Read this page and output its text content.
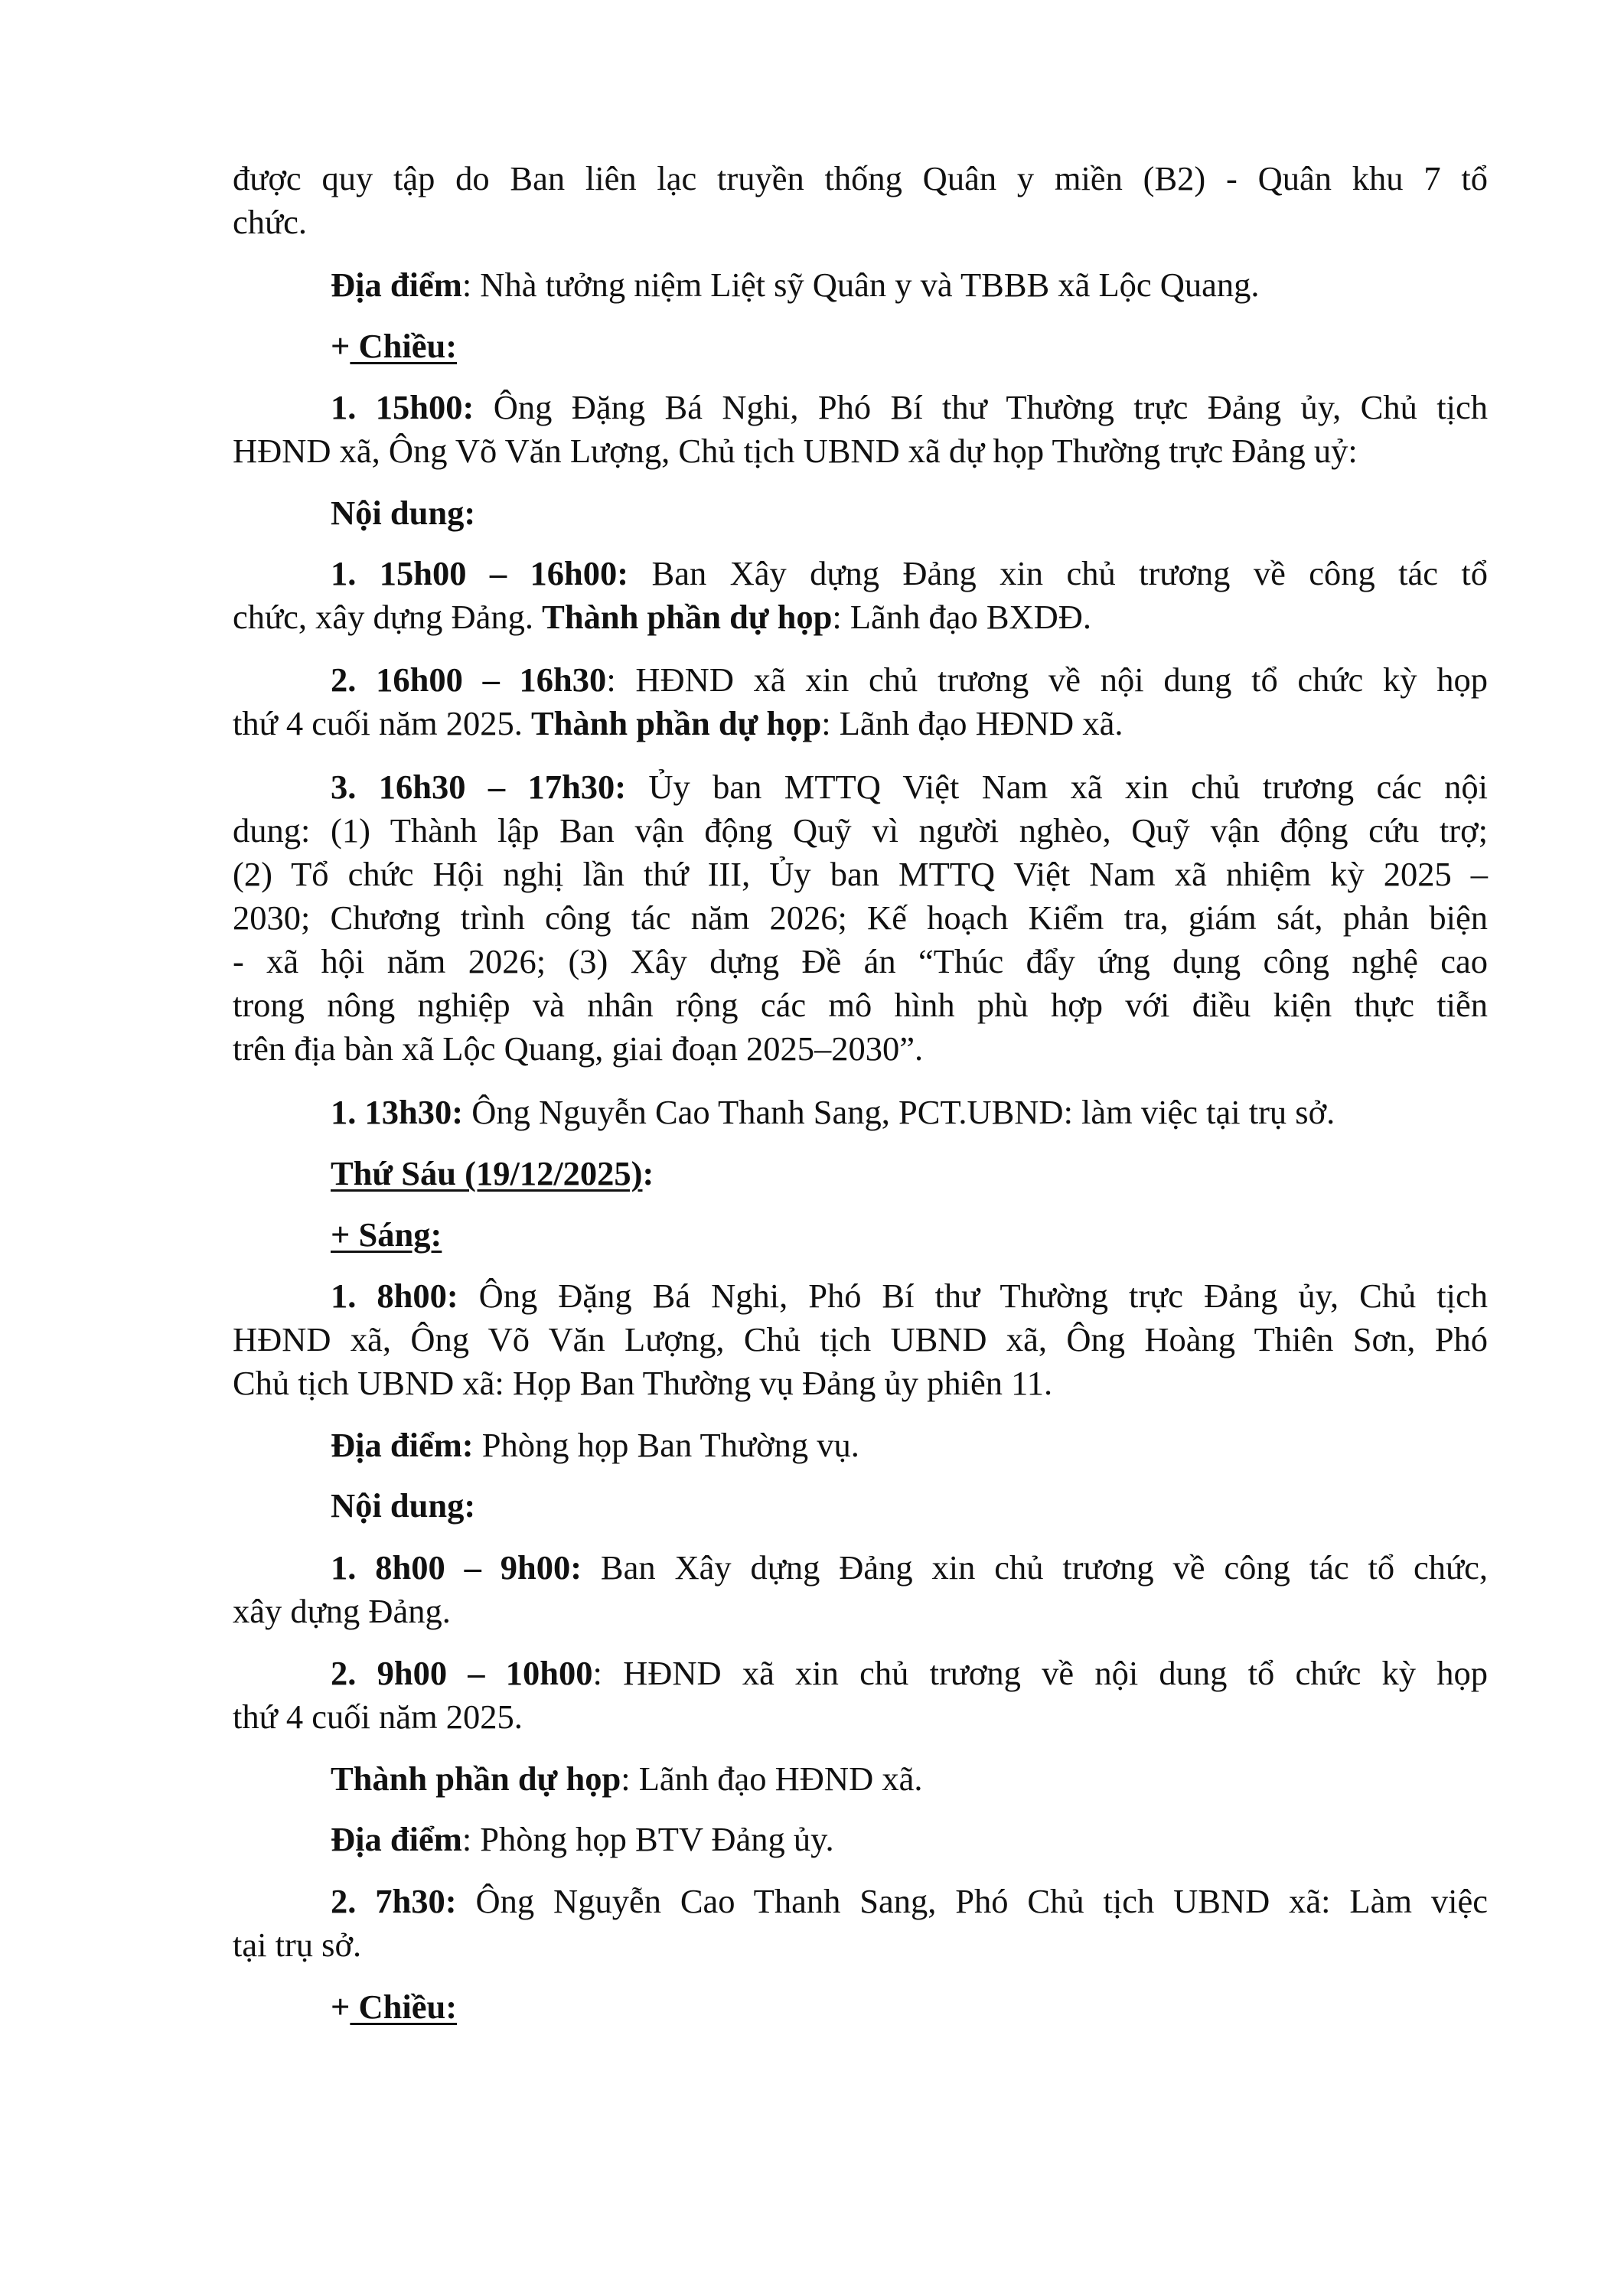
được quy tập do Ban liên lạc truyền thống Quân y miền (B2) - Quân khu 7 tổ
chức.
Địa điểm: Nhà tưởng niệm Liệt sỹ Quân y và TBBB xã Lộc Quang.
+ Chiều:
1. 15h00: Ông Đặng Bá Nghi, Phó Bí thư Thường trực Đảng ủy, Chủ tịch
HĐND xã, Ông Võ Văn Lượng, Chủ tịch UBND xã dự họp Thường trực Đảng uỷ:
Nội dung:
1. 15h00 – 16h00: Ban Xây dựng Đảng xin chủ trương về công tác tổ
chức, xây dựng Đảng. Thành phần dự họp: Lãnh đạo BXDĐ.
2. 16h00 – 16h30: HĐND xã xin chủ trương về nội dung tổ chức kỳ họp
thứ 4 cuối năm 2025. Thành phần dự họp: Lãnh đạo HĐND xã.
3. 16h30 – 17h30: Ủy ban MTTQ Việt Nam xã xin chủ trương các nội
dung: (1) Thành lập Ban vận động Quỹ vì người nghèo, Quỹ vận động cứu trợ;
(2) Tổ chức Hội nghị lần thứ III, Ủy ban MTTQ Việt Nam xã nhiệm kỳ 2025 –
2030; Chương trình công tác năm 2026; Kế hoạch Kiểm tra, giám sát, phản biện
- xã hội năm 2026; (3) Xây dựng Đề án “Thúc đẩy ứng dụng công nghệ cao
trong nông nghiệp và nhân rộng các mô hình phù hợp với điều kiện thực tiễn
trên địa bàn xã Lộc Quang, giai đoạn 2025–2030”.
1. 13h30: Ông Nguyễn Cao Thanh Sang, PCT.UBND: làm việc tại trụ sở.
Thứ Sáu (19/12/2025):
+ Sáng:
1. 8h00: Ông Đặng Bá Nghi, Phó Bí thư Thường trực Đảng ủy, Chủ tịch
HĐND xã, Ông Võ Văn Lượng, Chủ tịch UBND xã, Ông Hoàng Thiên Sơn, Phó
Chủ tịch UBND xã: Họp Ban Thường vụ Đảng ủy phiên 11.
Địa điểm: Phòng họp Ban Thường vụ.
Nội dung:
1. 8h00 – 9h00: Ban Xây dựng Đảng xin chủ trương về công tác tổ chức,
xây dựng Đảng.
2. 9h00 – 10h00: HĐND xã xin chủ trương về nội dung tổ chức kỳ họp
thứ 4 cuối năm 2025.
Thành phần dự họp: Lãnh đạo HĐND xã.
Địa điểm: Phòng họp BTV Đảng ủy.
2. 7h30: Ông Nguyễn Cao Thanh Sang, Phó Chủ tịch UBND xã: Làm việc
tại trụ sở.
+ Chiều:
